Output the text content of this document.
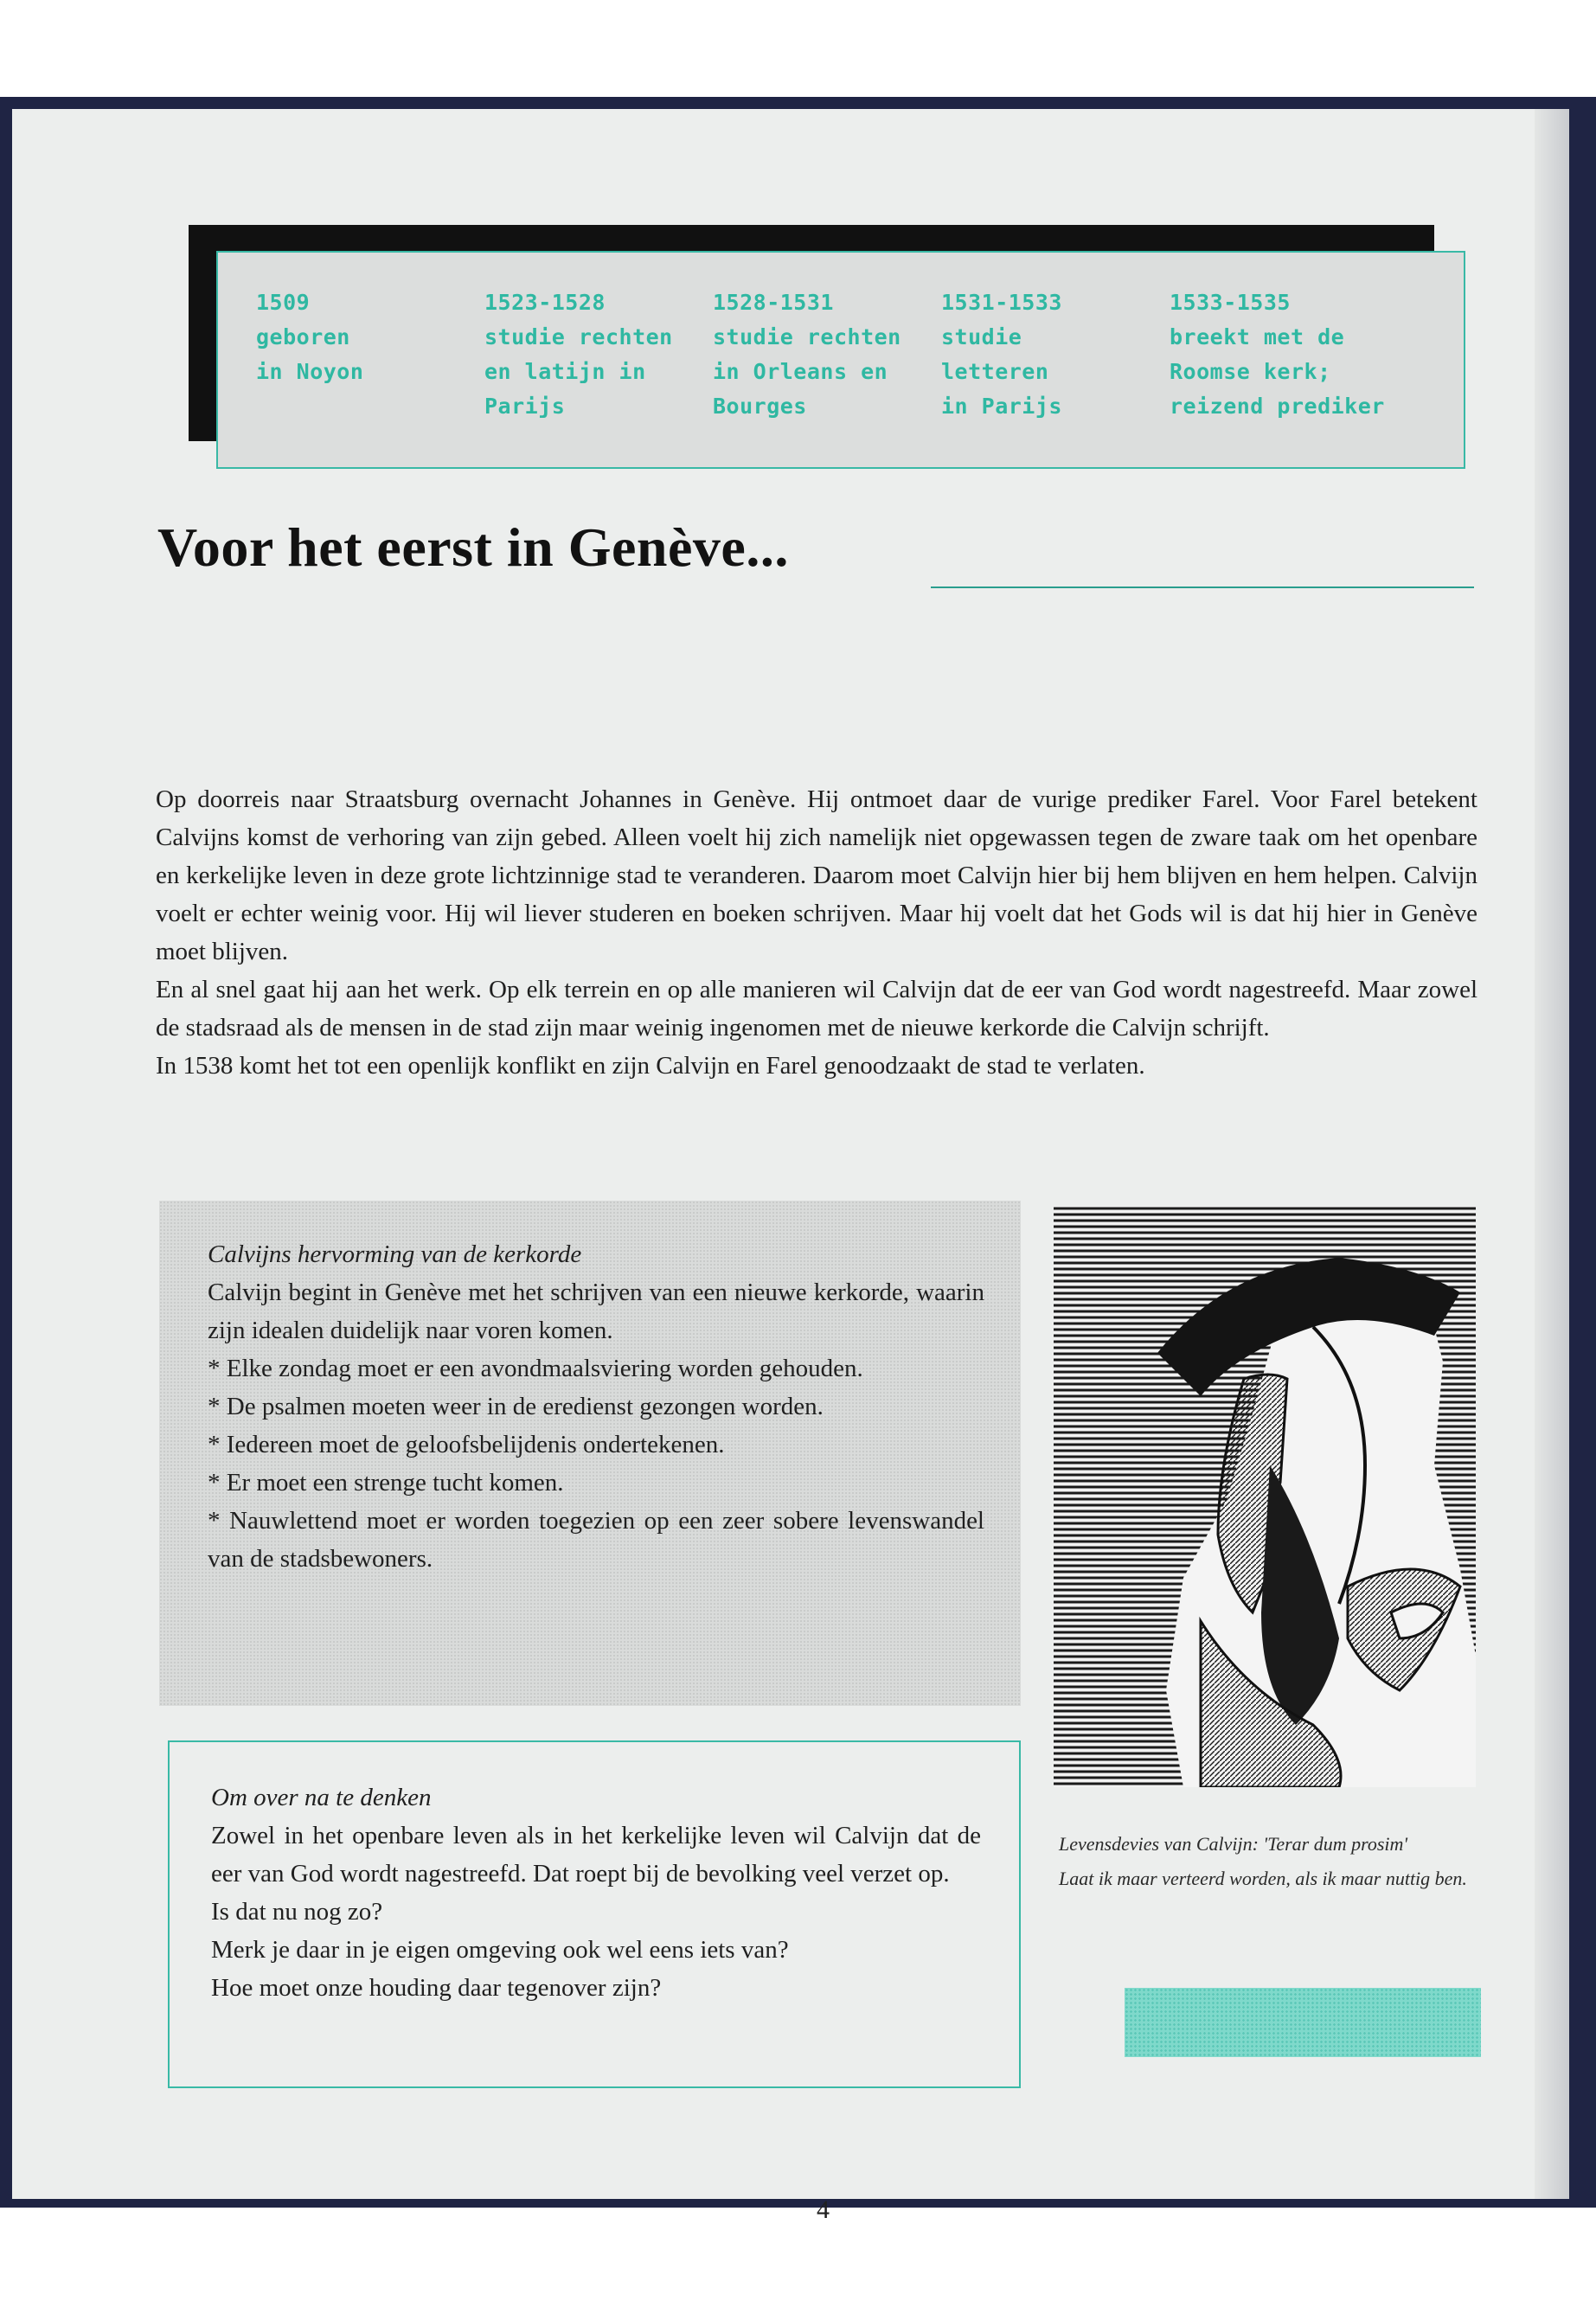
1509
geboren
in Noyon
1523-1528
studie rechten
en latijn in
Parijs
1528-1531
studie rechten
in Orleans en
Bourges
1531-1533
studie
letteren
in Parijs
1533-1535
breekt met de
Roomse kerk;
reizend prediker
Voor het eerst in Genève...

Op doorreis naar Straatsburg overnacht Johannes in Genève. Hij ontmoet daar de vurige prediker Farel. Voor Farel betekent Calvijns komst de verhoring van zijn gebed. Alleen voelt hij zich namelijk niet opgewassen tegen de zware taak om het openbare en kerkelijke leven in deze grote lichtzinnige stad te veranderen. Daarom moet Calvijn hier bij hem blijven en hem helpen. Calvijn voelt er echter weinig voor. Hij wil liever studeren en boeken schrijven. Maar hij voelt dat het Gods wil is dat hij hier in Genève moet blijven.

En al snel gaat hij aan het werk. Op elk terrein en op alle manieren wil Calvijn dat de eer van God wordt nagestreefd. Maar zowel de stadsraad als de mensen in de stad zijn maar weinig ingenomen met de nieuwe kerkorde die Calvijn schrijft.

In 1538 komt het tot een openlijk konflikt en zijn Calvijn en Farel genoodzaakt de stad te verlaten.

Calvijns hervorming van de kerkorde

Calvijn begint in Genève met het schrijven van een nieuwe kerkorde, waarin zijn idealen duidelijk naar voren komen.

* Elke zondag moet er een avondmaalsviering worden gehouden.

* De psalmen moeten weer in de eredienst gezongen worden.

* Iedereen moet de geloofsbelijdenis ondertekenen.

* Er moet een strenge tucht komen.

* Nauwlettend moet er worden toegezien op een zeer sobere levenswandel van de stadsbewoners.

Levensdevies van Calvijn: 'Terar dum prosim'
Laat ik maar verteerd worden, als ik maar nuttig ben.

Om over na te denken

Zowel in het openbare leven als in het kerkelijke leven wil Calvijn dat de eer van God wordt nagestreefd. Dat roept bij de bevolking veel verzet op.

Is dat nu nog zo?

Merk je daar in je eigen omgeving ook wel eens iets van?

Hoe moet onze houding daar tegenover zijn?

4
